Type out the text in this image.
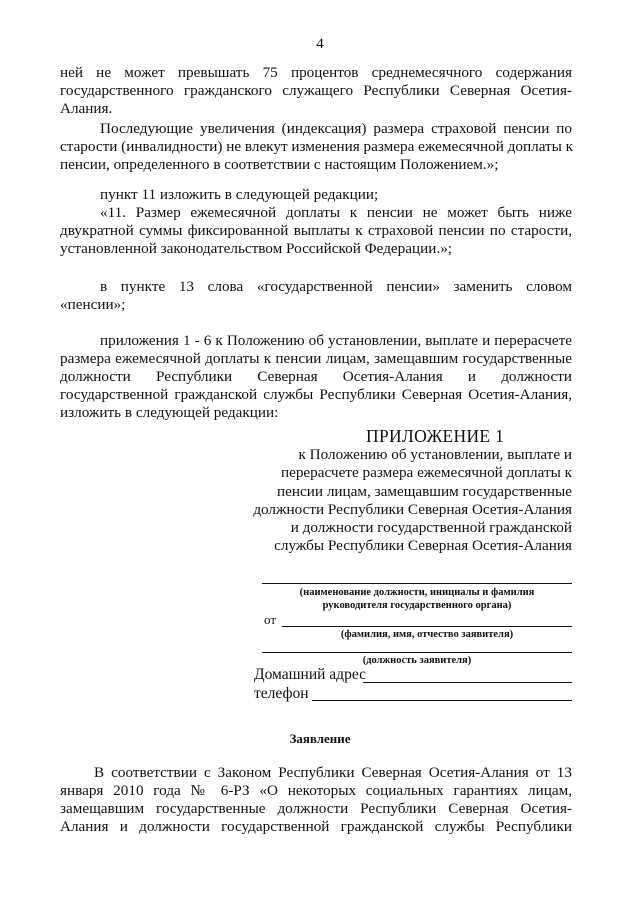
4
ней не может превышать 75 процентов среднемесячного содержания
государственного гражданского служащего Республики Северная Осетия-
Алания.
Последующие увеличения (индексация) размера страховой пенсии по
старости (инвалидности) не влекут изменения размера ежемесячной доплаты к
пенсии, определенного в соответствии с настоящим Положением.»;
пункт 11 изложить в следующей редакции;
«11. Размер ежемесячной доплаты к пенсии не может быть ниже
двукратной суммы фиксированной выплаты к страховой пенсии по старости,
установленной законодательством Российской Федерации.»;
в пункте 13 слова «государственной пенсии» заменить словом
«пенсии»;
приложения 1 - 6 к Положению об установлении, выплате и перерасчете
размера ежемесячной доплаты к пенсии лицам, замещавшим государственные
должности Республики Северная Осетия-Алания и должности
государственной гражданской службы Республики Северная Осетия-Алания,
изложить в следующей редакции:
ПРИЛОЖЕНИЕ 1
к Положению об установлении, выплате и
перерасчете размера ежемесячной доплаты к
пенсии лицам, замещавшим государственные
должности Республики Северная Осетия-Алания
и должности государственной гражданской
службы Республики Северная Осетия-Алания
(наименование должности, инициалы и фамилия
руководителя государственного органа)
от
(фамилия, имя, отчество заявителя)
(должность заявителя)
Домашний адрес
телефон
Заявление
В соответствии с Законом Республики Северная Осетия-Алания от 13
января 2010 года № 6-РЗ «О некоторых социальных гарантиях лицам,
замещавшим государственные должности Республики Северная Осетия-
Алания и должности государственной гражданской службы Республики
